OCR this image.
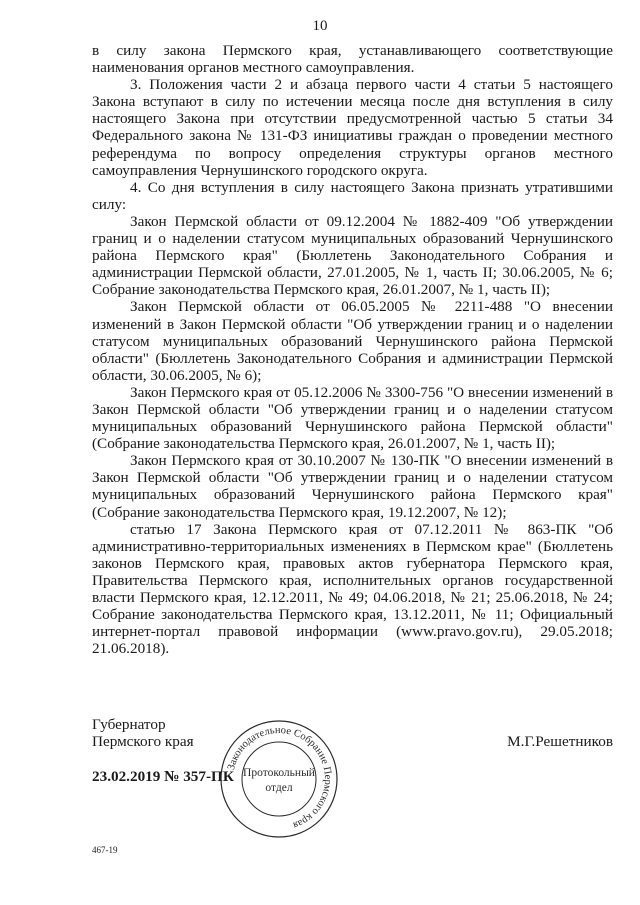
10

в силу закона Пермского края, устанавливающего соответствующие наименования органов местного самоуправления.

3. Положения части 2 и абзаца первого части 4 статьи 5 настоящего Закона вступают в силу по истечении месяца после дня вступления в силу настоящего Закона при отсутствии предусмотренной частью 5 статьи 34 Федерального закона № 131-ФЗ инициативы граждан о проведении местного референдума по вопросу определения структуры органов местного самоуправления Чернушинского городского округа.

4. Со дня вступления в силу настоящего Закона признать утратившими силу:

Закон Пермской области от 09.12.2004 № 1882-409 "Об утверждении границ и о наделении статусом муниципальных образований Чернушинского района Пермского края" (Бюллетень Законодательного Собрания и администрации Пермской области, 27.01.2005, № 1, часть II; 30.06.2005, № 6; Собрание законодательства Пермского края, 26.01.2007, № 1, часть II);

Закон Пермской области от 06.05.2005 № 2211-488 "О внесении изменений в Закон Пермской области "Об утверждении границ и о наделении статусом муниципальных образований Чернушинского района Пермской области" (Бюллетень Законодательного Собрания и администрации Пермской области, 30.06.2005, № 6);

Закон Пермского края от 05.12.2006 № 3300-756 "О внесении изменений в Закон Пермской области "Об утверждении границ и о наделении статусом муниципальных образований Чернушинского района Пермской области" (Собрание законодательства Пермского края, 26.01.2007, № 1, часть II);

Закон Пермского края от 30.10.2007 № 130-ПК "О внесении изменений в Закон Пермской области "Об утверждении границ и о наделении статусом муниципальных образований Чернушинского района Пермского края" (Собрание законодательства Пермского края, 19.12.2007, № 12);

статью 17 Закона Пермского края от 07.12.2011 № 863-ПК "Об административно-территориальных изменениях в Пермском крае" (Бюллетень законов Пермского края, правовых актов губернатора Пермского края, Правительства Пермского края, исполнительных органов государственной власти Пермского края, 12.12.2011, № 49; 04.06.2018, № 21; 25.06.2018, № 24; Собрание законодательства Пермского края, 13.12.2011, № 11; Официальный интернет-портал правовой информации (www.pravo.gov.ru), 29.05.2018; 21.06.2018).

Губернатор
Пермского края	М.Г.Решетников
23.02.2019 № 357-ПК
467-19
Законодательное Собрание Пермского края
Протокольный
отдел
